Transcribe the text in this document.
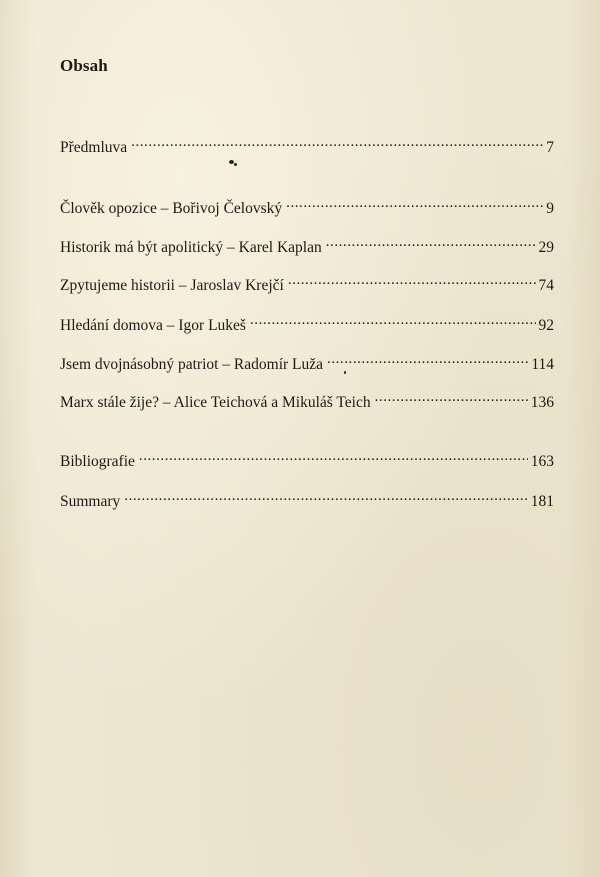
Obsah
Předmluva . . .	7
Člověk opozice – Bořivoj Čelovský . . .	9
Historik má být apolitický – Karel Kaplan . . .	29
Zpytujeme historii – Jaroslav Krejčí . . .	74
Hledání domova – Igor Lukeš . . .	92
Jsem dvojnásobný patriot – Radomír Luža . . .	114
Marx stále žije? – Alice Teichová a Mikuláš Teich . . .	136
Bibliografie . . .	163
Summary . . .	181
